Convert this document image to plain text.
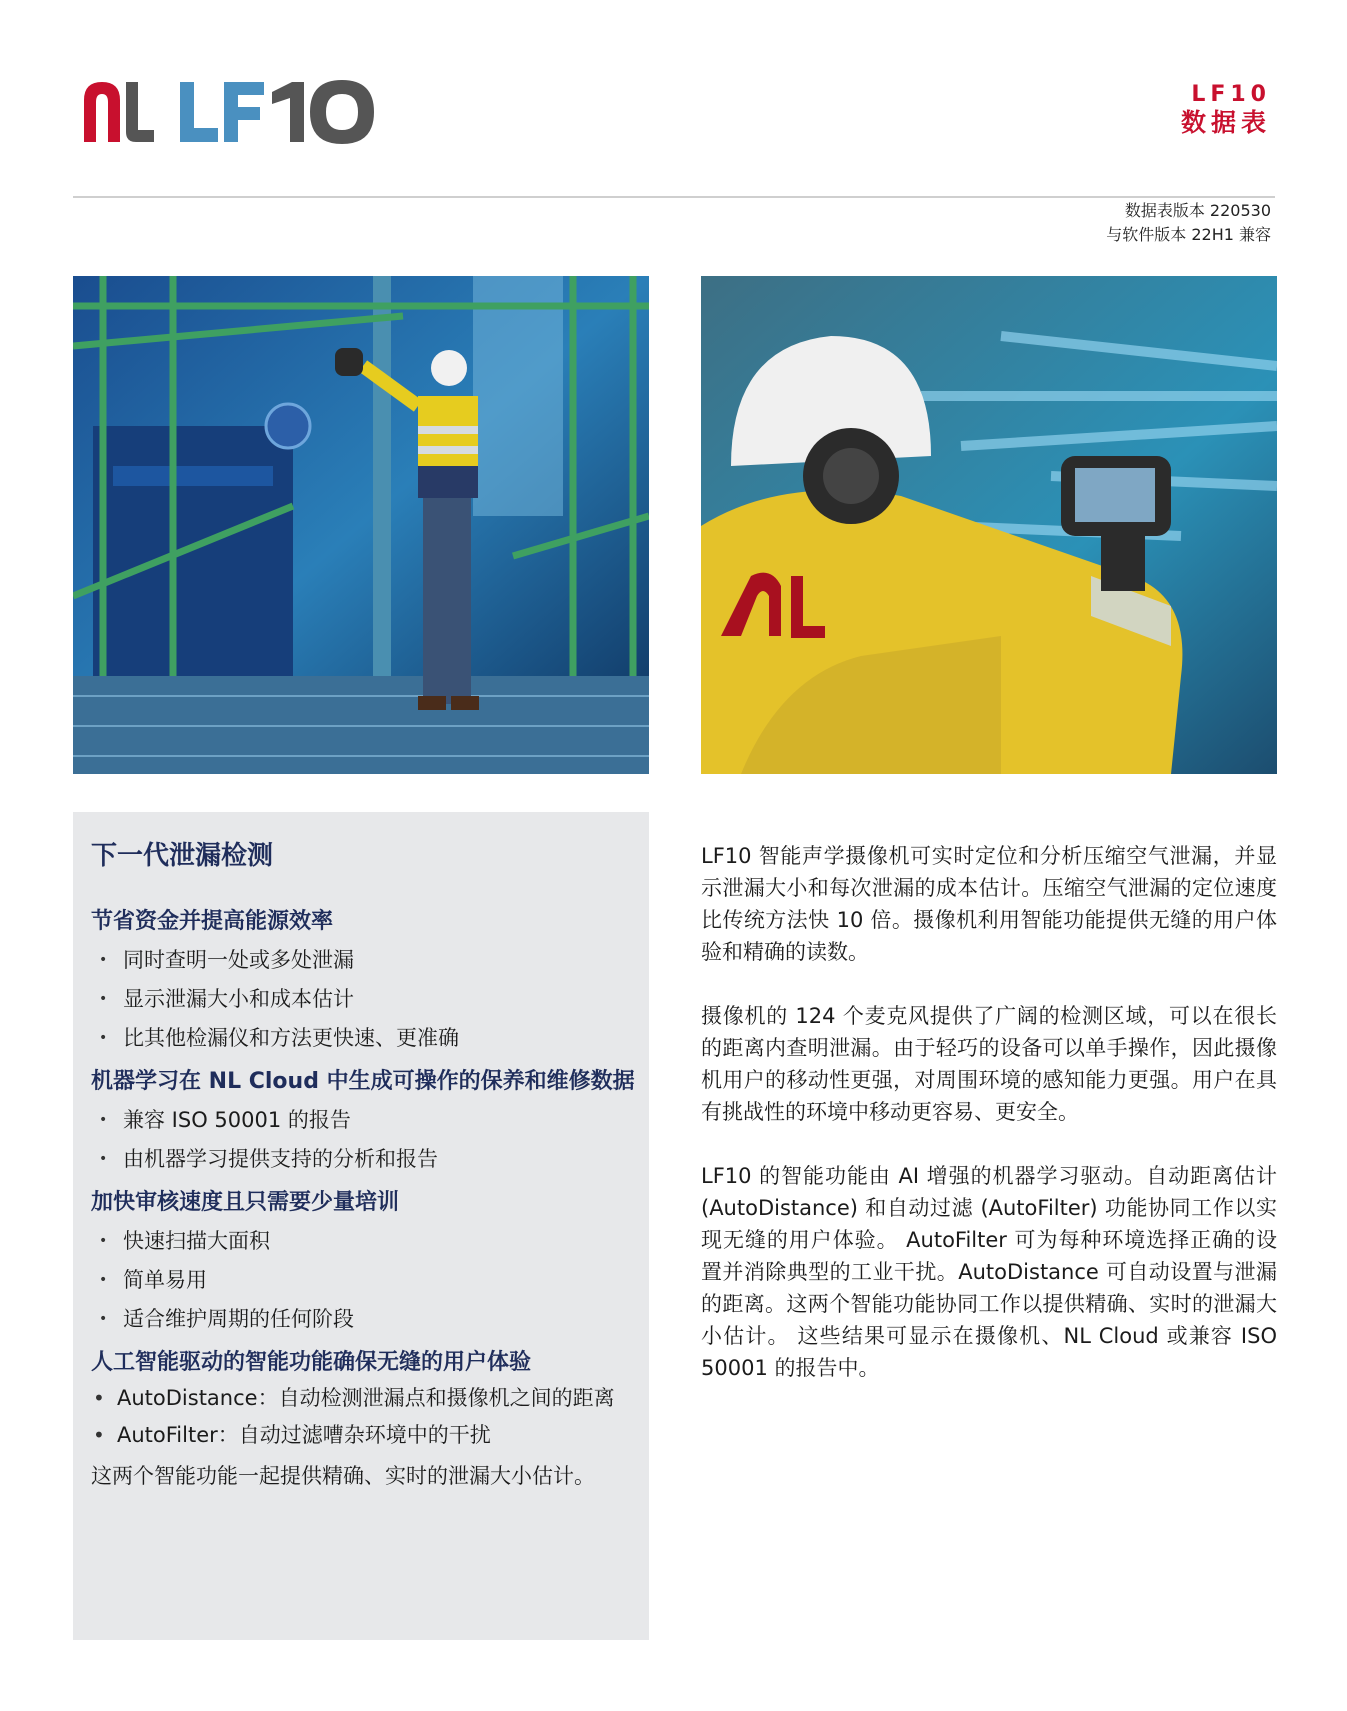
LF10
数据表
数据表版本 220530
与软件版本 22H1 兼容
下一代泄漏检测
节省资金并提高能源效率
• 同时查明一处或多处泄漏
• 显示泄漏大小和成本估计
• 比其他检漏仪和方法更快速、更准确
机器学习在 NL Cloud 中生成可操作的保养和维修数据
• 兼容 ISO 50001 的报告
• 由机器学习提供支持的分析和报告
加快审核速度且只需要少量培训
• 快速扫描大面积
• 简单易用
• 适合维护周期的任何阶段
人工智能驱动的智能功能确保无缝的用户体验
• AutoDistance：自动检测泄漏点和摄像机之间的距离
• AutoFilter：自动过滤嘈杂环境中的干扰
这两个智能功能一起提供精确、实时的泄漏大小估计。

LF10 智能声学摄像机可实时定位和分析压缩空气泄漏，并显示泄漏大小和每次泄漏的成本估计。压缩空气泄漏的定位速度比传统方法快 10 倍。摄像机利用智能功能提供无缝的用户体验和精确的读数。

摄像机的 124 个麦克风提供了广阔的检测区域，可以在很长的距离内查明泄漏。由于轻巧的设备可以单手操作，因此摄像机用户的移动性更强，对周围环境的感知能力更强。用户在具有挑战性的环境中移动更容易、更安全。

LF10 的智能功能由 AI 增强的机器学习驱动。自动距离估计 (AutoDistance) 和自动过滤 (AutoFilter) 功能协同工作以实现无缝的用户体验。 AutoFilter 可为每种环境选择正确的设置并消除典型的工业干扰。AutoDistance 可自动设置与泄漏的距离。这两个智能功能协同工作以提供精确、实时的泄漏大小估计。 这些结果可显示在摄像机、NL Cloud 或兼容 ISO 50001 的报告中。
